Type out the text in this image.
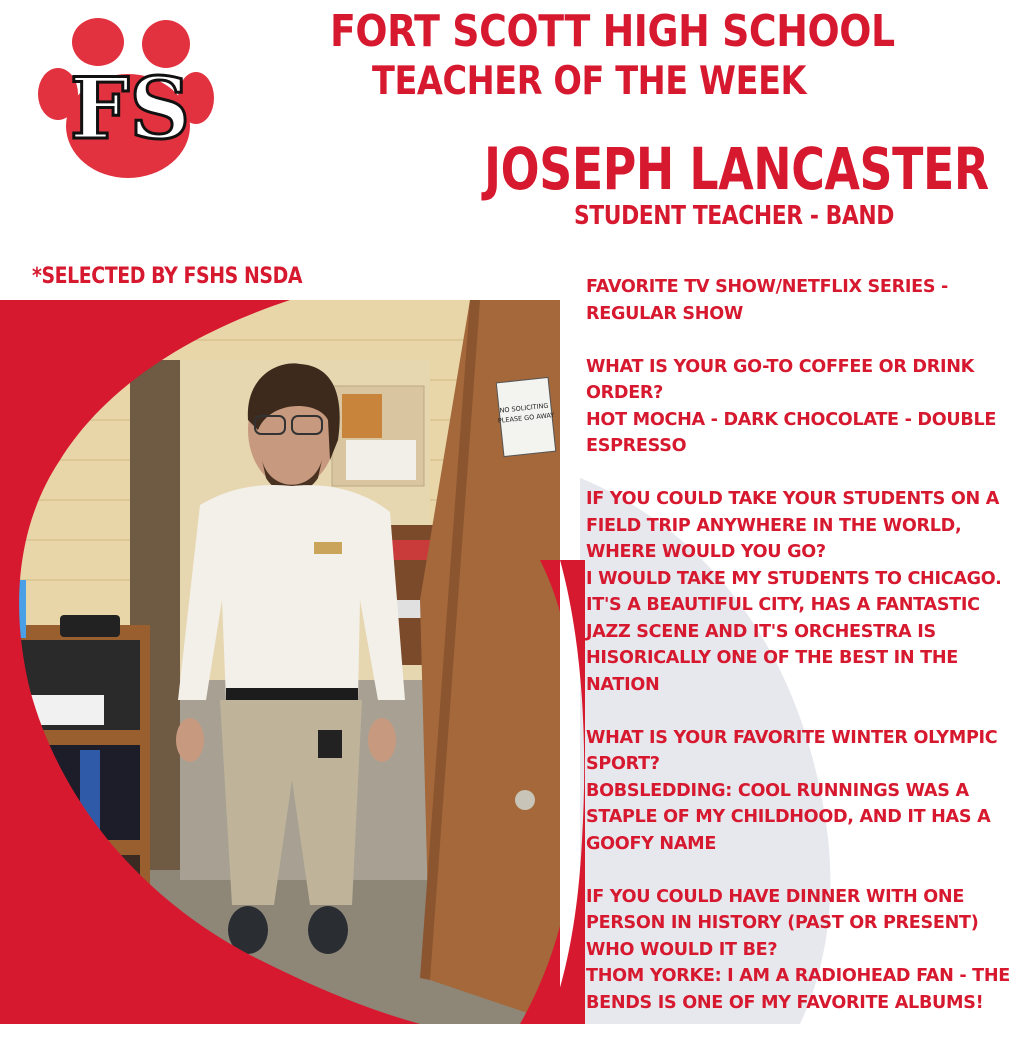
NO SOLICITING PLEASE GO AWAY
FS
FORT SCOTT HIGH SCHOOL
TEACHER OF THE WEEK
JOSEPH LANCASTER
STUDENT TEACHER - BAND
*SELECTED BY FSHS NSDA	FAVORITE TV SHOW/NETFLIX SERIES -
REGULAR SHOW

WHAT IS YOUR GO-TO COFFEE OR DRINK ORDER?
HOT MOCHA - DARK CHOCOLATE - DOUBLE ESPRESSO

IF YOU COULD TAKE YOUR STUDENTS ON A FIELD TRIP ANYWHERE IN THE WORLD, WHERE WOULD YOU GO?
I WOULD TAKE MY STUDENTS TO CHICAGO. IT'S A BEAUTIFUL CITY, HAS A FANTASTIC JAZZ SCENE AND IT'S ORCHESTRA IS HISORICALLY ONE OF THE BEST IN THE NATION

WHAT IS YOUR FAVORITE WINTER OLYMPIC SPORT?
BOBSLEDDING: COOL RUNNINGS WAS A STAPLE OF MY CHILDHOOD, AND IT HAS A GOOFY NAME

IF YOU COULD HAVE DINNER WITH ONE PERSON IN HISTORY (PAST OR PRESENT) WHO WOULD IT BE?
THOM YORKE: I AM A RADIOHEAD FAN - THE BENDS IS ONE OF MY FAVORITE ALBUMS!
